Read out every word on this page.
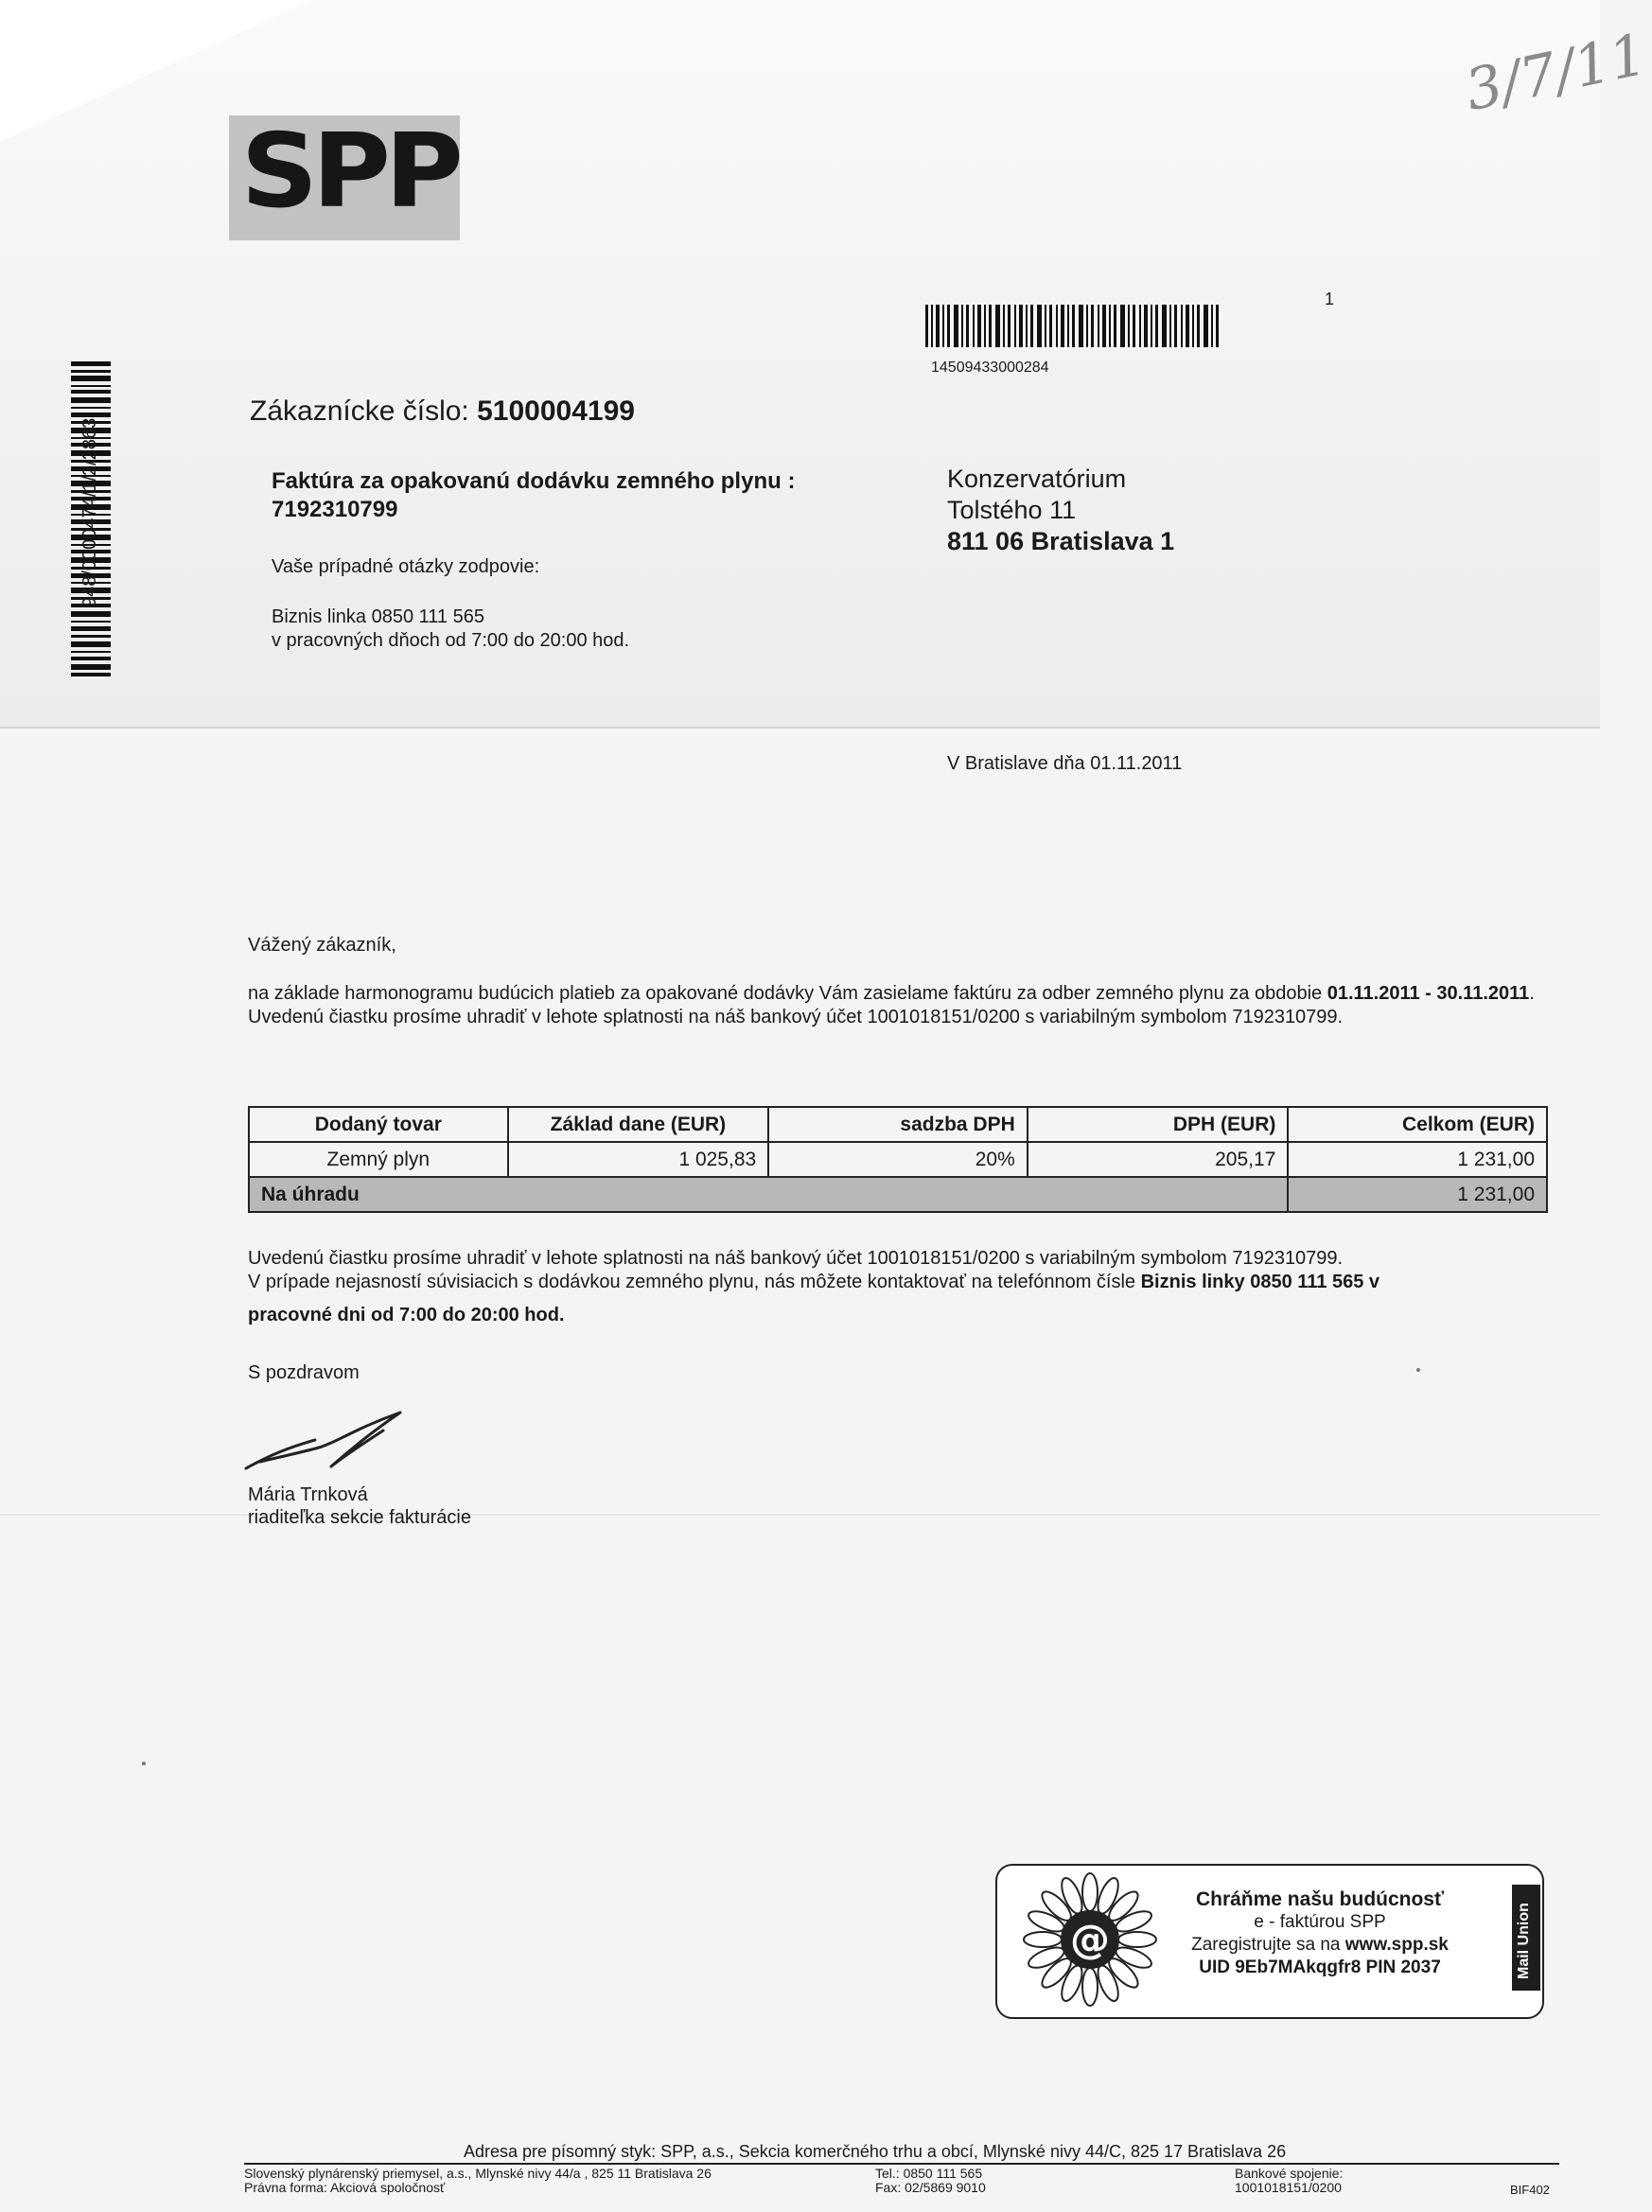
SPP
3/7/11
948/0000474/1/2/2863
14509433000284
1
Zákaznícke číslo: 5100004199
Faktúra za opakovanú dodávku zemného plynu :
7192310799
Vaše prípadné otázky zodpovie:
Biznis linka 0850 111 565
v pracovných dňoch od 7:00 do 20:00 hod.
Konzervatórium
Tolstého 11
811 06 Bratislava 1
V Bratislave dňa 01.11.2011
Vážený zákazník,
na základe harmonogramu budúcich platieb za opakované dodávky Vám zasielame faktúru za odber zemného plynu za obdobie 01.11.2011 - 30.11.2011.
Uvedenú čiastku prosíme uhradiť v lehote splatnosti na náš bankový účet 1001018151/0200 s variabilným symbolom 7192310799.
Dodaný tovar	Základ dane (EUR)	sadzba DPH	DPH (EUR)	Celkom (EUR)
Zemný plyn	1 025,83	20%	205,17	1 231,00
Na úhradu				1 231,00
Uvedenú čiastku prosíme uhradiť v lehote splatnosti na náš bankový účet 1001018151/0200 s variabilným symbolom 7192310799.
V prípade nejasností súvisiacich s dodávkou zemného plynu, nás môžete kontaktovať na telefónnom čísle Biznis linky 0850 111 565 v
pracovné dni od 7:00 do 20:00 hod.
S pozdravom
Mária Trnková
riaditeľka sekcie fakturácie
@
Chráňme našu budúcnosť
e - faktúrou SPP
Zaregistrujte sa na www.spp.sk
UID 9Eb7MAkqgfr8 PIN 2037	Mail Union
Adresa pre písomný styk: SPP, a.s., Sekcia komerčného trhu a obcí, Mlynské nivy 44/C, 825 17 Bratislava 26
Slovenský plynárenský priemysel, a.s., Mlynské nivy 44/a , 825 11 Bratislava 26
Právna forma: Akciová spoločnosť
Tel.: 0850 111 565
Fax: 02/5869 9010
Bankové spojenie:
1001018151/0200	BIF402
